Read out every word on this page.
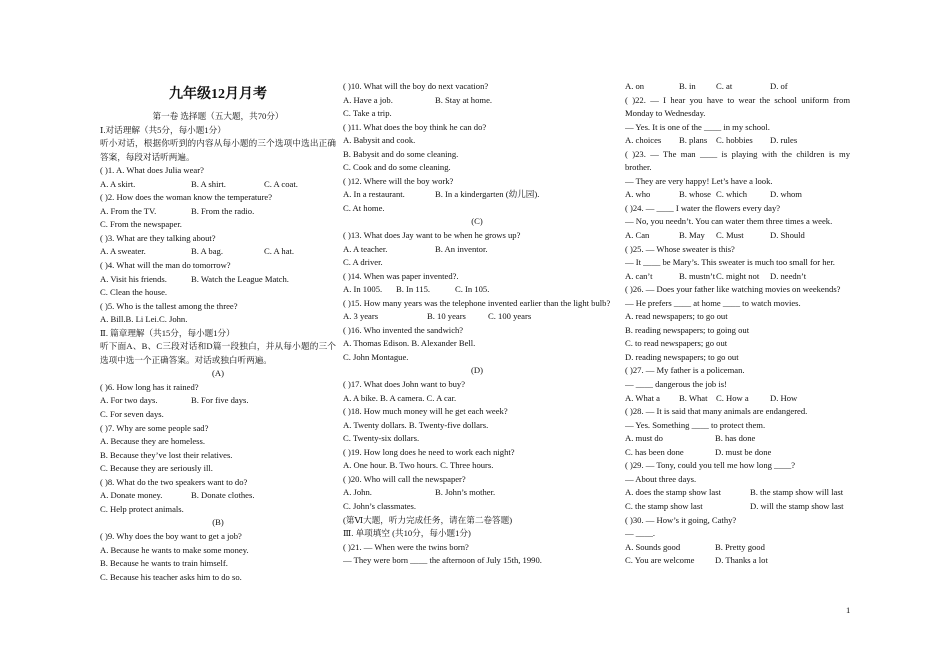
九年级12月月考
第一卷 选择题（五大题，共70分）
Ⅰ.对话理解（共5分，每小题1分）
听小对话，根据你听到的内容从每小题的三个选项中选出正确答案，每段对话听两遍。
( )1. A. What does Julia wear?
A. A skirt.	B. A shirt.	C. A coat.
( )2. How does the woman know the temperature?
A. From the TV.	B. From the radio.
C. From the newspaper.
( )3. What are they talking about?
A. A sweater.	B. A bag.	C. A hat.
( )4. What will the man do tomorrow?
A. Visit his friends.	B. Watch the League Match.
C. Clean the house.
( )5. Who is the tallest among the three?
A. Bill.B. Li Lei.C. John.
Ⅱ. 篇章理解（共15分，每小题1分）
听下面A、B、C三段对话和D篇一段独白，并从每小题的三个选项中选一个正确答案。对话或独白听两遍。
(A)
( )6. How long has it rained?
A. For two days.	B. For five days.
C. For seven days.
( )7. Why are some people sad?
A. Because they are homeless.
B. Because they’ve lost their relatives.
C. Because they are seriously ill.
( )8. What do the two speakers want to do?
A. Donate money.	B. Donate clothes.
C. Help protect animals.
(B)
( )9. Why does the boy want to get a job?
A. Because he wants to make some money.
B. Because he wants to train himself.
C. Because his teacher asks him to do so.
( )10. What will the boy do next vacation?
A. Have a job.	B. Stay at home.
C. Take a trip.
( )11. What does the boy think he can do?
A. Babysit and cook.
B. Babysit and do some cleaning.
C. Cook and do some cleaning.
( )12. Where will the boy work?
A. In a restaurant.	B. In a kindergarten (幼儿园).
C. At home.
(C)
( )13. What does Jay want to be when he grows up?
A. A teacher.	B. An inventor.
C. A driver.
( )14. When was paper invented?.
A. In 1005. B. In 115.	C. In 105.
( )15. How many years was the telephone invented earlier than the light bulb?
A. 3 years	B. 10 years	C. 100 years
( )16. Who invented the sandwich?
A. Thomas Edison. B. Alexander Bell.
C. John Montague.
(D)
( )17. What does John want to buy?
A. A bike. B. A camera. C. A car.
( )18. How much money will he get each week?
A. Twenty dollars. B. Twenty-five dollars.
C. Twenty-six dollars.
( )19. How long does he need to work each night?
A. One hour. B. Two hours. C. Three hours.
( )20. Who will call the newspaper?
A. John.	B. John’s mother.
C. John’s classmates.
(第Ⅵ大题，听力完成任务，请在第二卷答题)
Ⅲ. 单项填空 (共10分，每小题1分)
( )21. — When were the twins born?
— They were born ____ the afternoon of July 15th, 1990.
A. on	B. in C. at	D. of
( )22. — I hear you have to wear the school uniform from Monday to Wednesday.
— Yes. It is one of the ____ in my school.
A. choices B. plans C. hobbies D. rules
( )23. — The man ____ is playing with the children is my brother.
— They are very happy! Let’s have a look.
A. who	B. whose C. which	D. whom
( )24. — ____ I water the flowers every day?
— No, you needn’t. You can water them three times a week.
A. Can	B. May C. Must	D. Should
( )25. — Whose sweater is this?
— It ____ be Mary’s. This sweater is much too small for her.
A. can’t	B. mustn’tC. might not D. needn’t
( )26. — Does your father like watching movies on weekends?
— He prefers ____ at home ____ to watch movies.
A. read newspapers; to go out
B. reading newspapers; to going out
C. to read newspapers; go out
D. reading newspapers; to go out
( )27. — My father is a policeman.
— ____ dangerous the job is!
A. What a B. What C. How a D. How
( )28. — It is said that many animals are endangered.
— Yes. Something ____ to protect them.
A. must do	B. has done
C. has been done	D. must be done
( )29. — Tony, could you tell me how long ____?
— About three days.
A. does the stamp show last	B. the stamp show will last
C. the stamp show last	D. will the stamp show last
( )30. — How’s it going, Cathy?
— ____.
A. Sounds good	B. Pretty good
C. You are welcome D. Thanks a lot
1
